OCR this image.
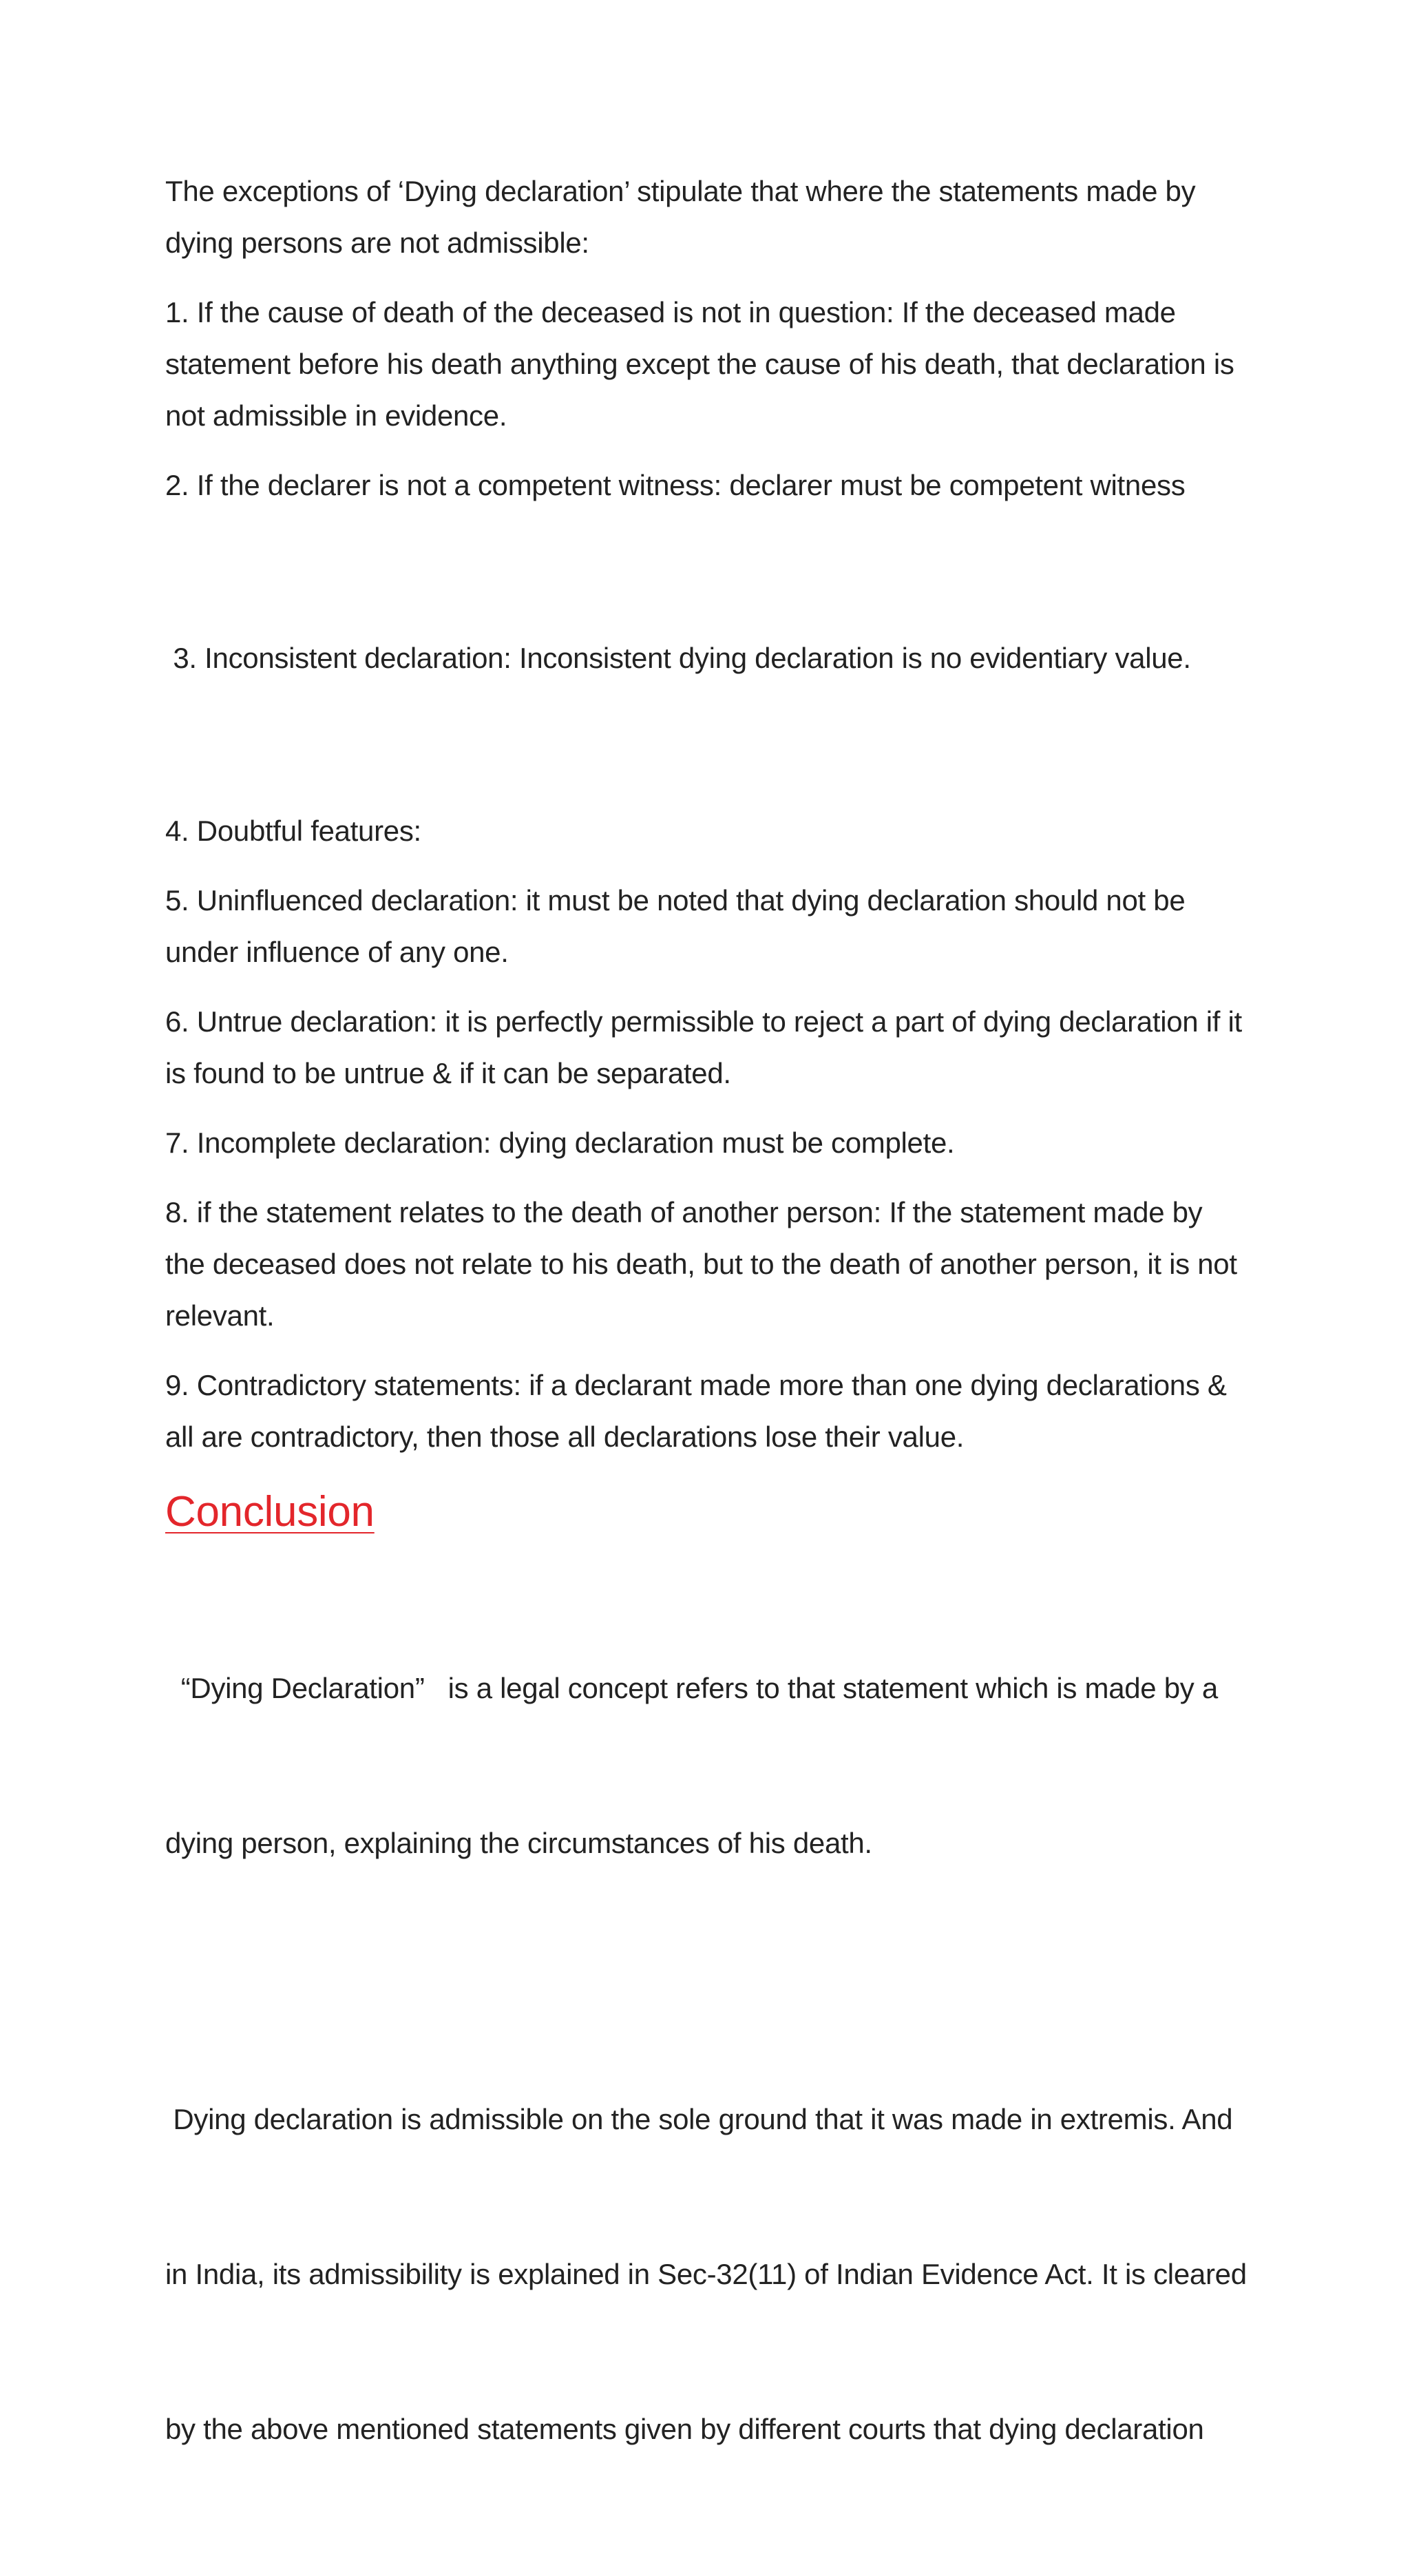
The exceptions of ‘Dying declaration’ stipulate that where the statements made by
dying persons are not admissible:

1. If the cause of death of the deceased is not in question: If the deceased made
statement before his death anything except the cause of his death, that declaration is
not admissible in evidence.

2. If the declarer is not a competent witness: declarer must be competent witness

3. Inconsistent declaration: Inconsistent dying declaration is no evidentiary value.

4. Doubtful features:

5. Uninfluenced declaration: it must be noted that dying declaration should not be
under influence of any one.

6. Untrue declaration: it is perfectly permissible to reject a part of dying declaration if it
is found to be untrue & if it can be separated.

7. Incomplete declaration: dying declaration must be complete.

8. if the statement relates to the death of another person: If the statement made by
the deceased does not relate to his death, but to the death of another person, it is not
relevant.

9. Contradictory statements: if a declarant made more than one dying declarations &
all are contradictory, then those all declarations lose their value.

Conclusion

“Dying Declaration”   is a legal concept refers to that statement which is made by a

dying person, explaining the circumstances of his death.

Dying declaration is admissible on the sole ground that it was made in extremis. And

in India, its admissibility is explained in Sec-32(11) of Indian Evidence Act. It is cleared

by the above mentioned statements given by different courts that dying declaration
